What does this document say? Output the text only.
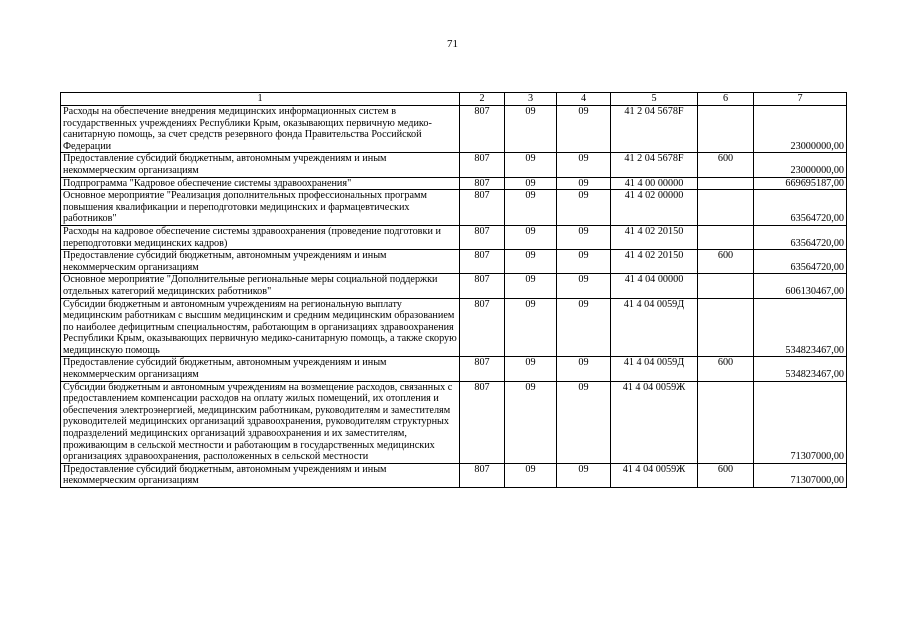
71
1	2	3	4	5	6	7
Расходы на обеспечение внедрения медицинских информационных систем в государственных учреждениях Республики Крым, оказывающих первичную медико-санитарную помощь, за счет средств резервного фонда Правительства Российской Федерации	807	09	09	41 2 04 5678F		23000000,00

Предоставление субсидий бюджетным, автономным учреждениям и иным некоммерческим организациям	807	09	09	41 2 04 5678F	600	23000000,00

Подпрограмма "Кадровое обеспечение системы здравоохранения"	807	09	09	41 4 00 00000		669695187,00

Основное мероприятие "Реализация дополнительных профессиональных программ повышения квалификации и переподготовки медицинских и фармацевтических работников"	807	09	09	41 4 02 00000		63564720,00

Расходы на кадровое обеспечение системы здравоохранения (проведение подготовки и переподготовки медицинских кадров)	807	09	09	41 4 02 20150		63564720,00

Предоставление субсидий бюджетным, автономным учреждениям и иным некоммерческим организациям	807	09	09	41 4 02 20150	600	63564720,00

Основное мероприятие "Дополнительные региональные меры социальной поддержки отдельных категорий медицинских работников"	807	09	09	41 4 04 00000		606130467,00

Субсидии бюджетным и автономным учреждениям на региональную выплату медицинским работникам с высшим медицинским и средним медицинским образованием по наиболее дефицитным специальностям, работающим в организациях здравоохранения Республики Крым, оказывающих первичную медико-санитарную помощь, а также скорую медицинскую помощь	807	09	09	41 4 04 0059Д		534823467,00

Предоставление субсидий бюджетным, автономным учреждениям и иным некоммерческим организациям	807	09	09	41 4 04 0059Д	600	534823467,00

Субсидии бюджетным и автономным учреждениям на возмещение расходов, связанных с предоставлением компенсации расходов на оплату жилых помещений, их отопления и обеспечения электроэнергией, медицинским работникам, руководителям и заместителям руководителей медицинских организаций здравоохранения, руководителям структурных подразделений медицинских организаций здравоохранения и их заместителям, проживающим в сельской местности и работающим в государственных медицинских организациях здравоохранения, расположенных в сельской местности	807	09	09	41 4 04 0059Ж		71307000,00

Предоставление субсидий бюджетным, автономным учреждениям и иным некоммерческим организациям	807	09	09	41 4 04 0059Ж	600	71307000,00
